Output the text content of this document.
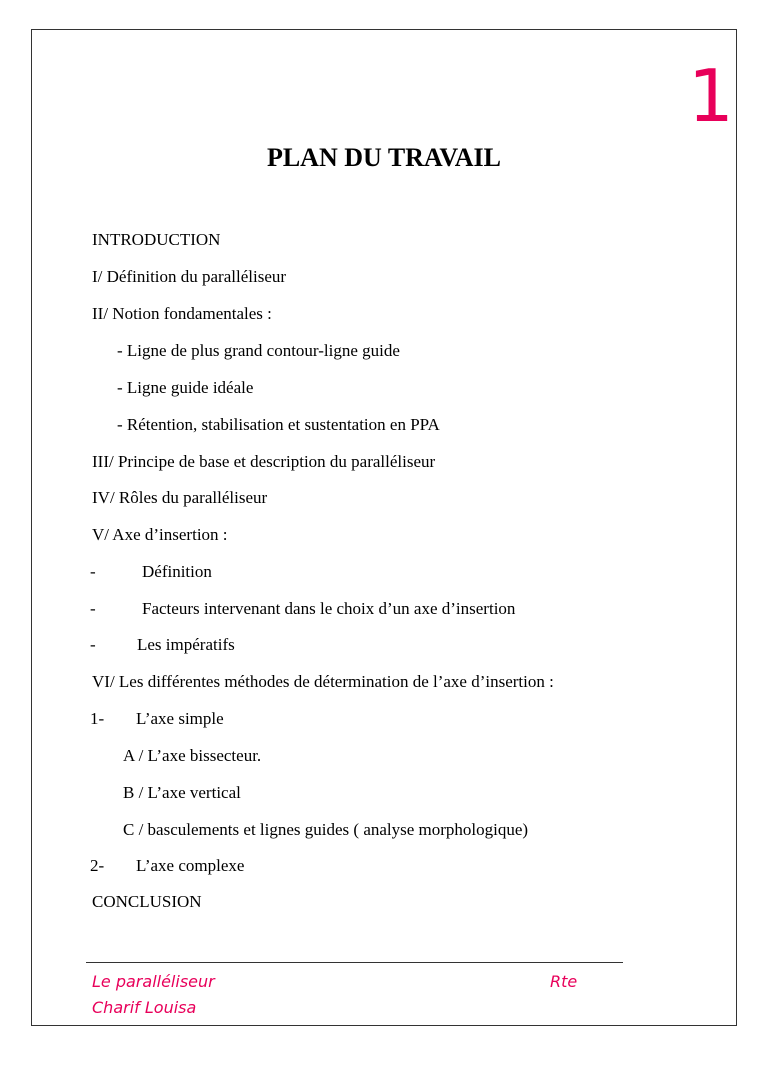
1
PLAN DU TRAVAIL
INTRODUCTION
I/ Définition du paralléliseur
II/ Notion fondamentales :
- Ligne de plus grand contour-ligne guide
- Ligne guide idéale
- Rétention, stabilisation et sustentation en PPA
III/ Principe de base et description du paralléliseur
IV/ Rôles du paralléliseur
V/ Axe d’insertion :
-	Définition
-	Facteurs intervenant dans le choix d’un axe d’insertion
- Les impératifs
VI/ Les différentes méthodes de détermination de l’axe d’insertion :
1- L’axe simple
A / L’axe bissecteur.
B / L’axe vertical
C / basculements et lignes guides ( analyse morphologique)
2- L’axe complexe
CONCLUSION
Le paralléliseur	Rte
Charif Louisa
